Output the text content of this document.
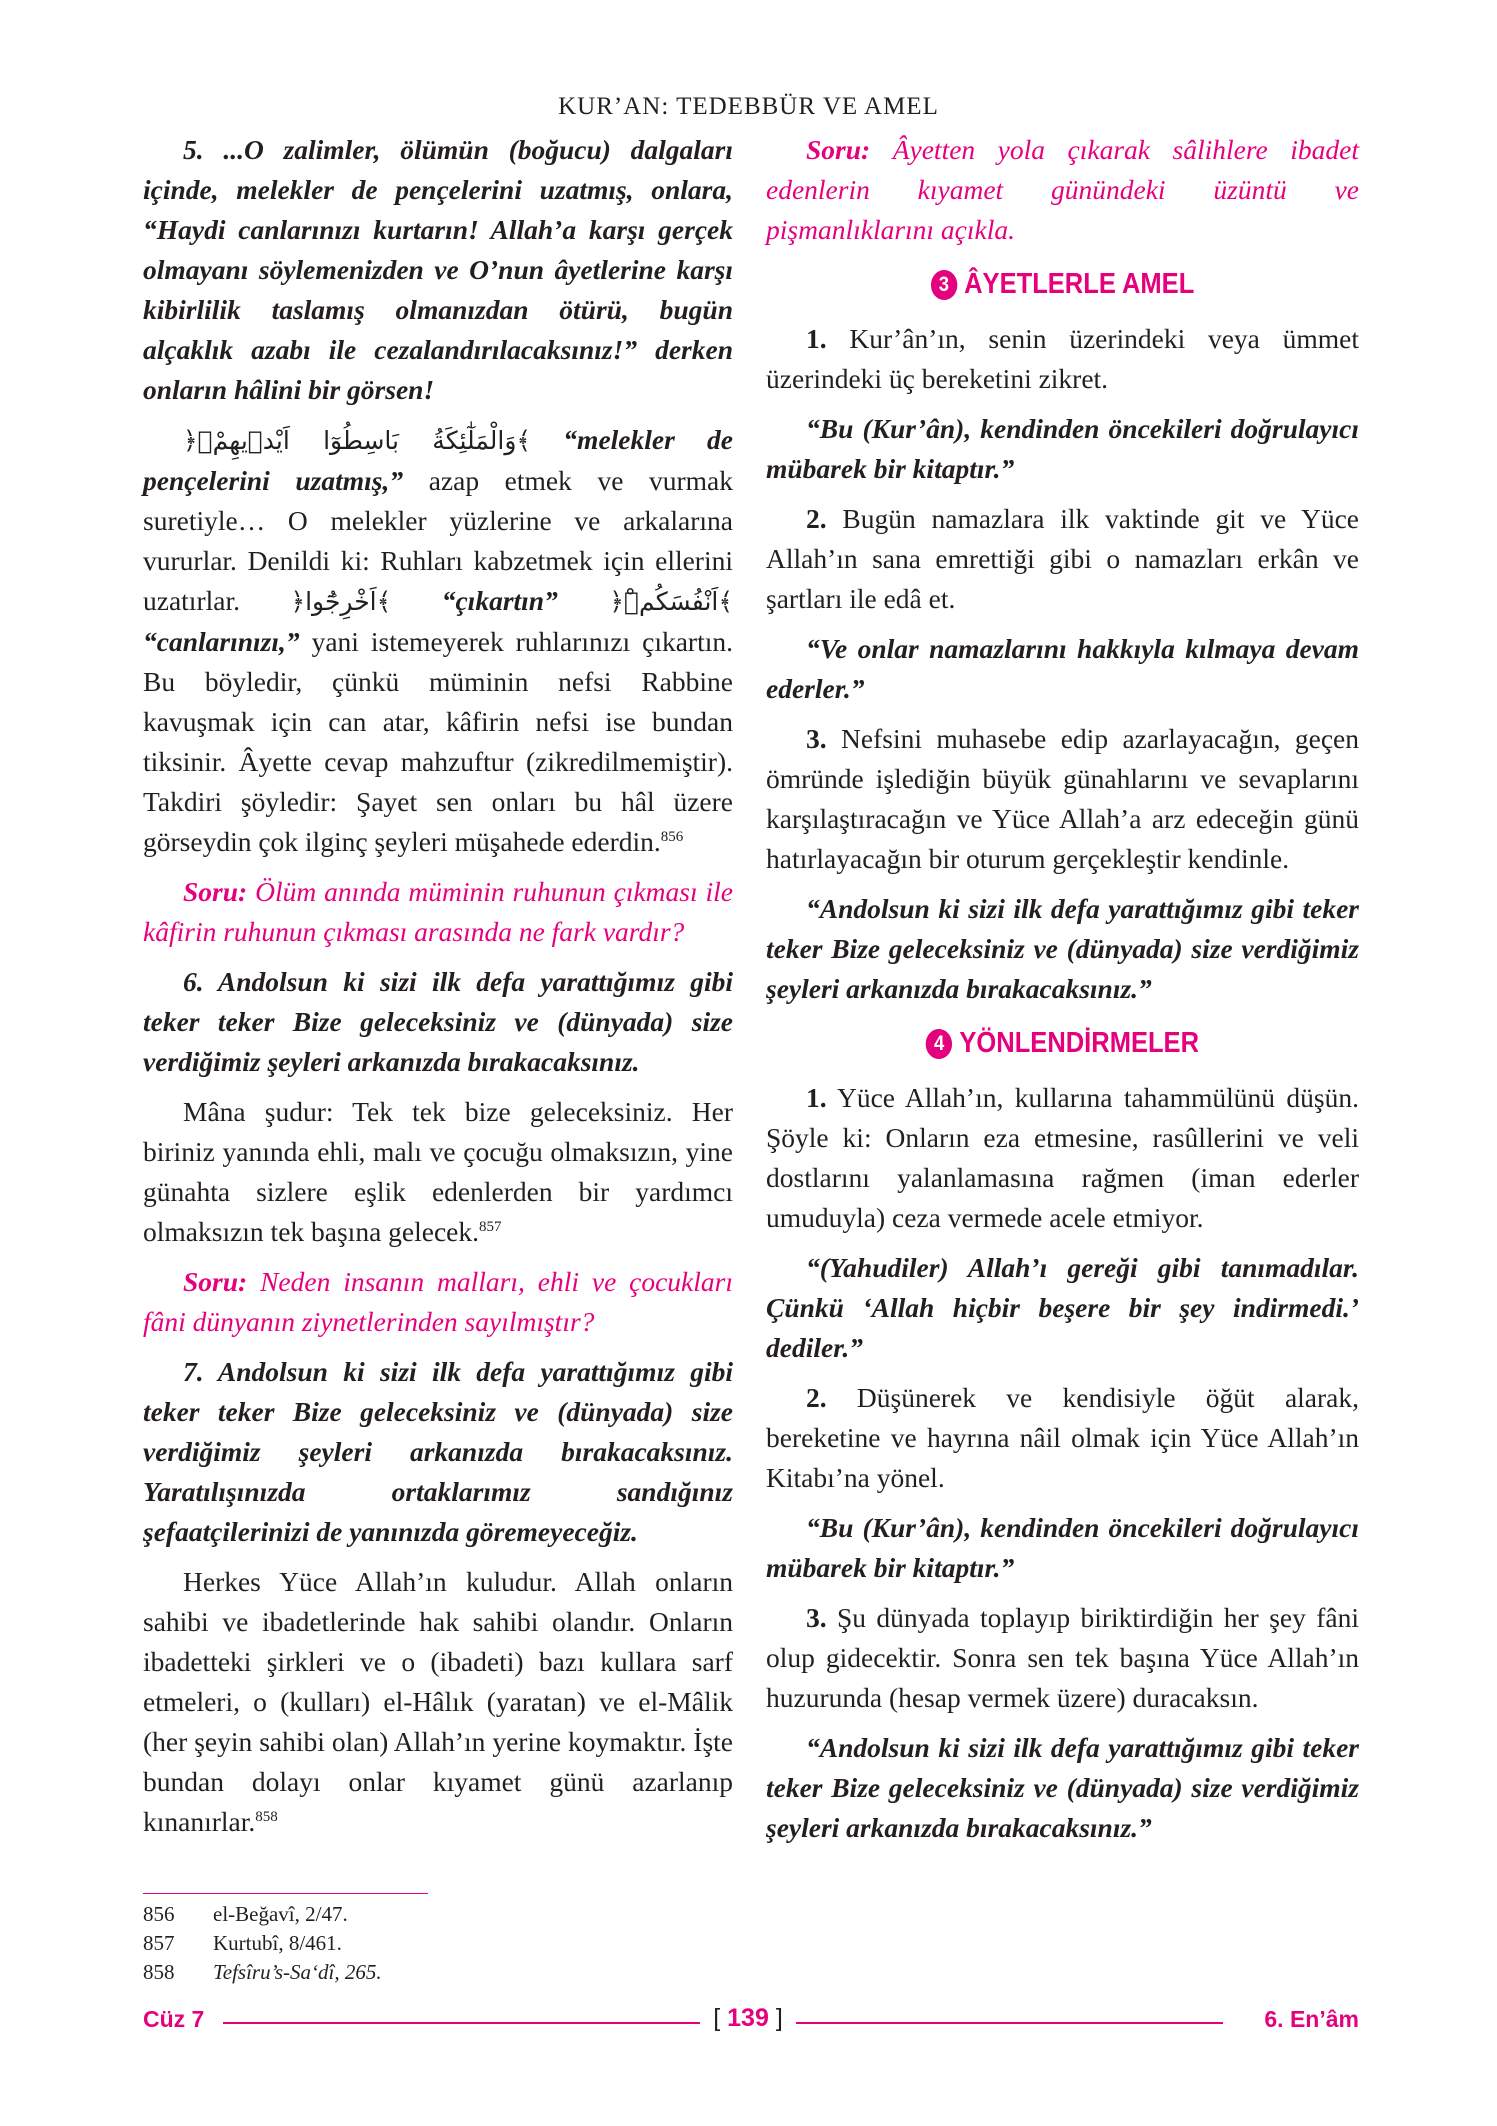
KUR’AN: TEDEBBÜR VE AMEL

5. ...O zalimler, ölümün (boğucu) dalgaları içinde, melekler de pençelerini uzatmış, onlara, “Haydi canlarınızı kurtarın! Allah’a karşı gerçek olmayanı söylemenizden ve O’nun âyetlerine karşı kibirlilik taslamış olmanızdan ötürü, bugün alçaklık azabı ile cezalandırılacaksınız!” derken onların hâlini bir görsen!

﴿وَالْمَلٰٓئِكَةُ بَاسِطُوٓا اَيْد۪يهِمْۚ﴾ “melekler de pençelerini uzatmış,” azap etmek ve vurmak suretiyle… O melekler yüzlerine ve arkalarına vururlar. Denildi ki: Ruhları kabzetmek için ellerini uzatırlar. ﴿اَخْرِجُٓوا﴾ “çıkartın” ﴿اَنْفُسَكُمْۜ﴾ “canlarınızı,” yani istemeyerek ruhlarınızı çıkartın. Bu böyledir, çünkü müminin nefsi Rabbine kavuşmak için can atar, kâfirin nefsi ise bundan tiksinir. Âyette cevap mahzuftur (zikredilmemiştir). Takdiri şöyledir: Şayet sen onları bu hâl üzere görseydin çok ilginç şeyleri müşahede ederdin.$^{856}$

Soru: Ölüm anında müminin ruhunun çıkması ile kâfirin ruhunun çıkması arasında ne fark vardır?

6. Andolsun ki sizi ilk defa yarattığımız gibi teker teker Bize geleceksiniz ve (dünyada) size verdiğimiz şeyleri arkanızda bırakacaksınız.

Mâna şudur: Tek tek bize geleceksiniz. Her biriniz yanında ehli, malı ve çocuğu olmaksızın, yine günahta sizlere eşlik edenlerden bir yardımcı olmaksızın tek başına gelecek.$^{857}$

Soru: Neden insanın malları, ehli ve çocukları fâni dünyanın ziynetlerinden sayılmıştır?

7. Andolsun ki sizi ilk defa yarattığımız gibi teker teker Bize geleceksiniz ve (dünyada) size verdiğimiz şeyleri arkanızda bırakacaksınız. Yaratılışınızda ortaklarımız sandığınız şefaatçilerinizi de yanınızda göremeyeceğiz.

Herkes Yüce Allah’ın kuludur. Allah onların sahibi ve ibadetlerinde hak sahibi olandır. Onların ibadetteki şirkleri ve o (ibadeti) bazı kullara sarf etmeleri, o (kulları) el-Hâlık (yaratan) ve el-Mâlik (her şeyin sahibi olan) Allah’ın yerine koymaktır. İşte bundan dolayı onlar kıyamet günü azarlanıp kınanırlar.$^{858}$

Soru: Âyetten yola çıkarak sâlihlere ibadet edenlerin kıyamet günündeki üzüntü ve pişmanlıklarını açıkla.

3 ÂYETLERLE AMEL

1. Kur’ân’ın, senin üzerindeki veya ümmet üzerindeki üç bereketini zikret.

“Bu (Kur’ân), kendinden öncekileri doğrulayıcı mübarek bir kitaptır.”

2. Bugün namazlara ilk vaktinde git ve Yüce Allah’ın sana emrettiği gibi o namazları erkân ve şartları ile edâ et.

“Ve onlar namazlarını hakkıyla kılmaya devam ederler.”

3. Nefsini muhasebe edip azarlayacağın, geçen ömründe işlediğin büyük günahlarını ve sevaplarını karşılaştıracağın ve Yüce Allah’a arz edeceğin günü hatırlayacağın bir oturum gerçekleştir kendinle.

“Andolsun ki sizi ilk defa yarattığımız gibi teker teker Bize geleceksiniz ve (dünyada) size verdiğimiz şeyleri arkanızda bırakacaksınız.”

4 YÖNLENDİRMELER

1. Yüce Allah’ın, kullarına tahammülünü düşün. Şöyle ki: Onların eza etmesine, rasûllerini ve veli dostlarını yalanlamasına rağmen (iman ederler umuduyla) ceza vermede acele etmiyor.

“(Yahudiler) Allah’ı gereği gibi tanımadılar. Çünkü ‘Allah hiçbir beşere bir şey indirmedi.’ dediler.”

2. Düşünerek ve kendisiyle öğüt alarak, bereketine ve hayrına nâil olmak için Yüce Allah’ın Kitabı’na yönel.

“Bu (Kur’ân), kendinden öncekileri doğrulayıcı mübarek bir kitaptır.”

3. Şu dünyada toplayıp biriktirdiğin her şey fâni olup gidecektir. Sonra sen tek başına Yüce Allah’ın huzurunda (hesap vermek üzere) duracaksın.

“Andolsun ki sizi ilk defa yarattığımız gibi teker teker Bize geleceksiniz ve (dünyada) size verdiğimiz şeyleri arkanızda bırakacaksınız.”

856 el-Beğavî, 2/47.
857 Kurtubî, 8/461.
858 Tefsîru’s-Sa‘dî, 265.
Cüz 7	[ 139 ]	6. En’âm
